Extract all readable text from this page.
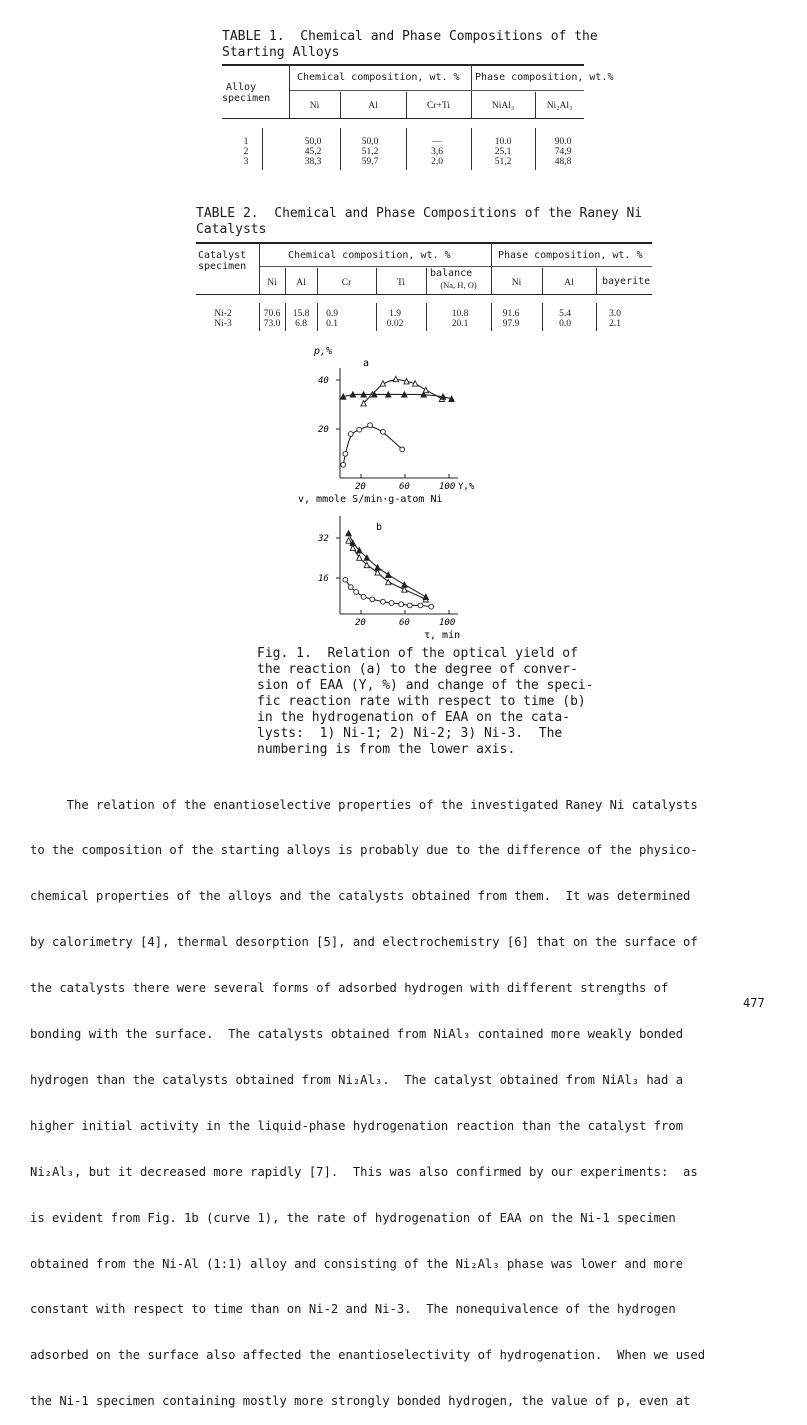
TABLE 1.  Chemical and Phase Compositions of the
Starting Alloys
Alloy
specimen
Chemical composition, wt. % Phase composition, wt.%
Ni	Al	Cr+Ti	NiAl₃	Ni₂Al₃
1	50,0	50,0	—	10.0	90.0
2	45,2	51,2	3,6	25,1	74,9
3	38,3	59,7	2,0	51,2	48,8
TABLE 2.  Chemical and Phase Compositions of the Raney Ni
Catalysts
Catalyst
specimen
Chemical composition, wt. %	Phase composition, wt. %
Ni	Al	Cr	Ti
balance
(Na, H, O)	Ni	Al	bayerite
Ni-2	70.6	15.8	0.9	1.9	10.8	91.6	5.4	3.0
Ni-3	73.0	6.8	0.1	0.02	20.1	97.9	0.0	2.1
p,%
a
40
20
20	60	100 Y,%
v, mmole S/min·g-atom Ni
b
32
16
20	60	100
τ, min
Fig. 1.  Relation of the optical yield of
the reaction (a) to the degree of conver-
sion of EAA (Y, %) and change of the speci-
fic reaction rate with respect to time (b)
in the hydrogenation of EAA on the cata-
lysts:  1) Ni-1; 2) Ni-2; 3) Ni-3.  The
numbering is from the lower axis.

The relation of the enantioselective properties of the investigated Raney Ni catalysts

to the composition of the starting alloys is probably due to the difference of the physico-

chemical properties of the alloys and the catalysts obtained from them.  It was determined

by calorimetry [4], thermal desorption [5], and electrochemistry [6] that on the surface of

the catalysts there were several forms of adsorbed hydrogen with different strengths of

bonding with the surface.  The catalysts obtained from NiAl₃ contained more weakly bonded

hydrogen than the catalysts obtained from Ni₂Al₃.  The catalyst obtained from NiAl₃ had a

higher initial activity in the liquid-phase hydrogenation reaction than the catalyst from

Ni₂Al₃, but it decreased more rapidly [7].  This was also confirmed by our experiments:  as

is evident from Fig. 1b (curve 1), the rate of hydrogenation of EAA on the Ni-1 specimen

obtained from the Ni-Al (1:1) alloy and consisting of the Ni₂Al₃ phase was lower and more

constant with respect to time than on Ni-2 and Ni-3.  The nonequivalence of the hydrogen

adsorbed on the surface also affected the enantioselectivity of hydrogenation.  When we used

the Ni-1 specimen containing mostly more strongly bonded hydrogen, the value of p, even at

477
